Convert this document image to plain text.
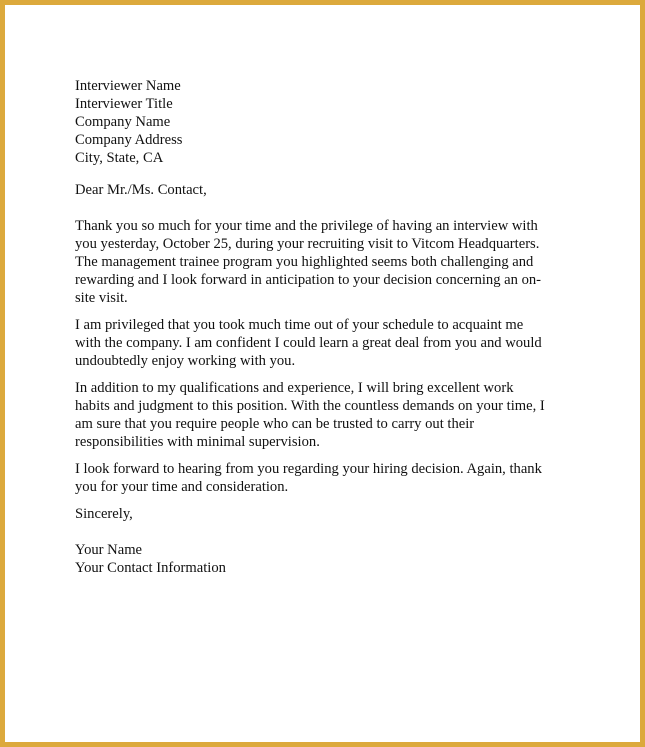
Interviewer Name
Interviewer Title
Company Name
Company Address
City, State, CA
Dear Mr./Ms. Contact,
Thank you so much for your time and the privilege of having an interview with
you yesterday, October 25, during your recruiting visit to Vitcom Headquarters.
The management trainee program you highlighted seems both challenging and
rewarding and I look forward in anticipation to your decision concerning an on-
site visit.
I am privileged that you took much time out of your schedule to acquaint me
with the company. I am confident I could learn a great deal from you and would
undoubtedly enjoy working with you.
In addition to my qualifications and experience, I will bring excellent work
habits and judgment to this position. With the countless demands on your time, I
am sure that you require people who can be trusted to carry out their
responsibilities with minimal supervision.
I look forward to hearing from you regarding your hiring decision. Again, thank
you for your time and consideration.
Sincerely,
Your Name
Your Contact Information
